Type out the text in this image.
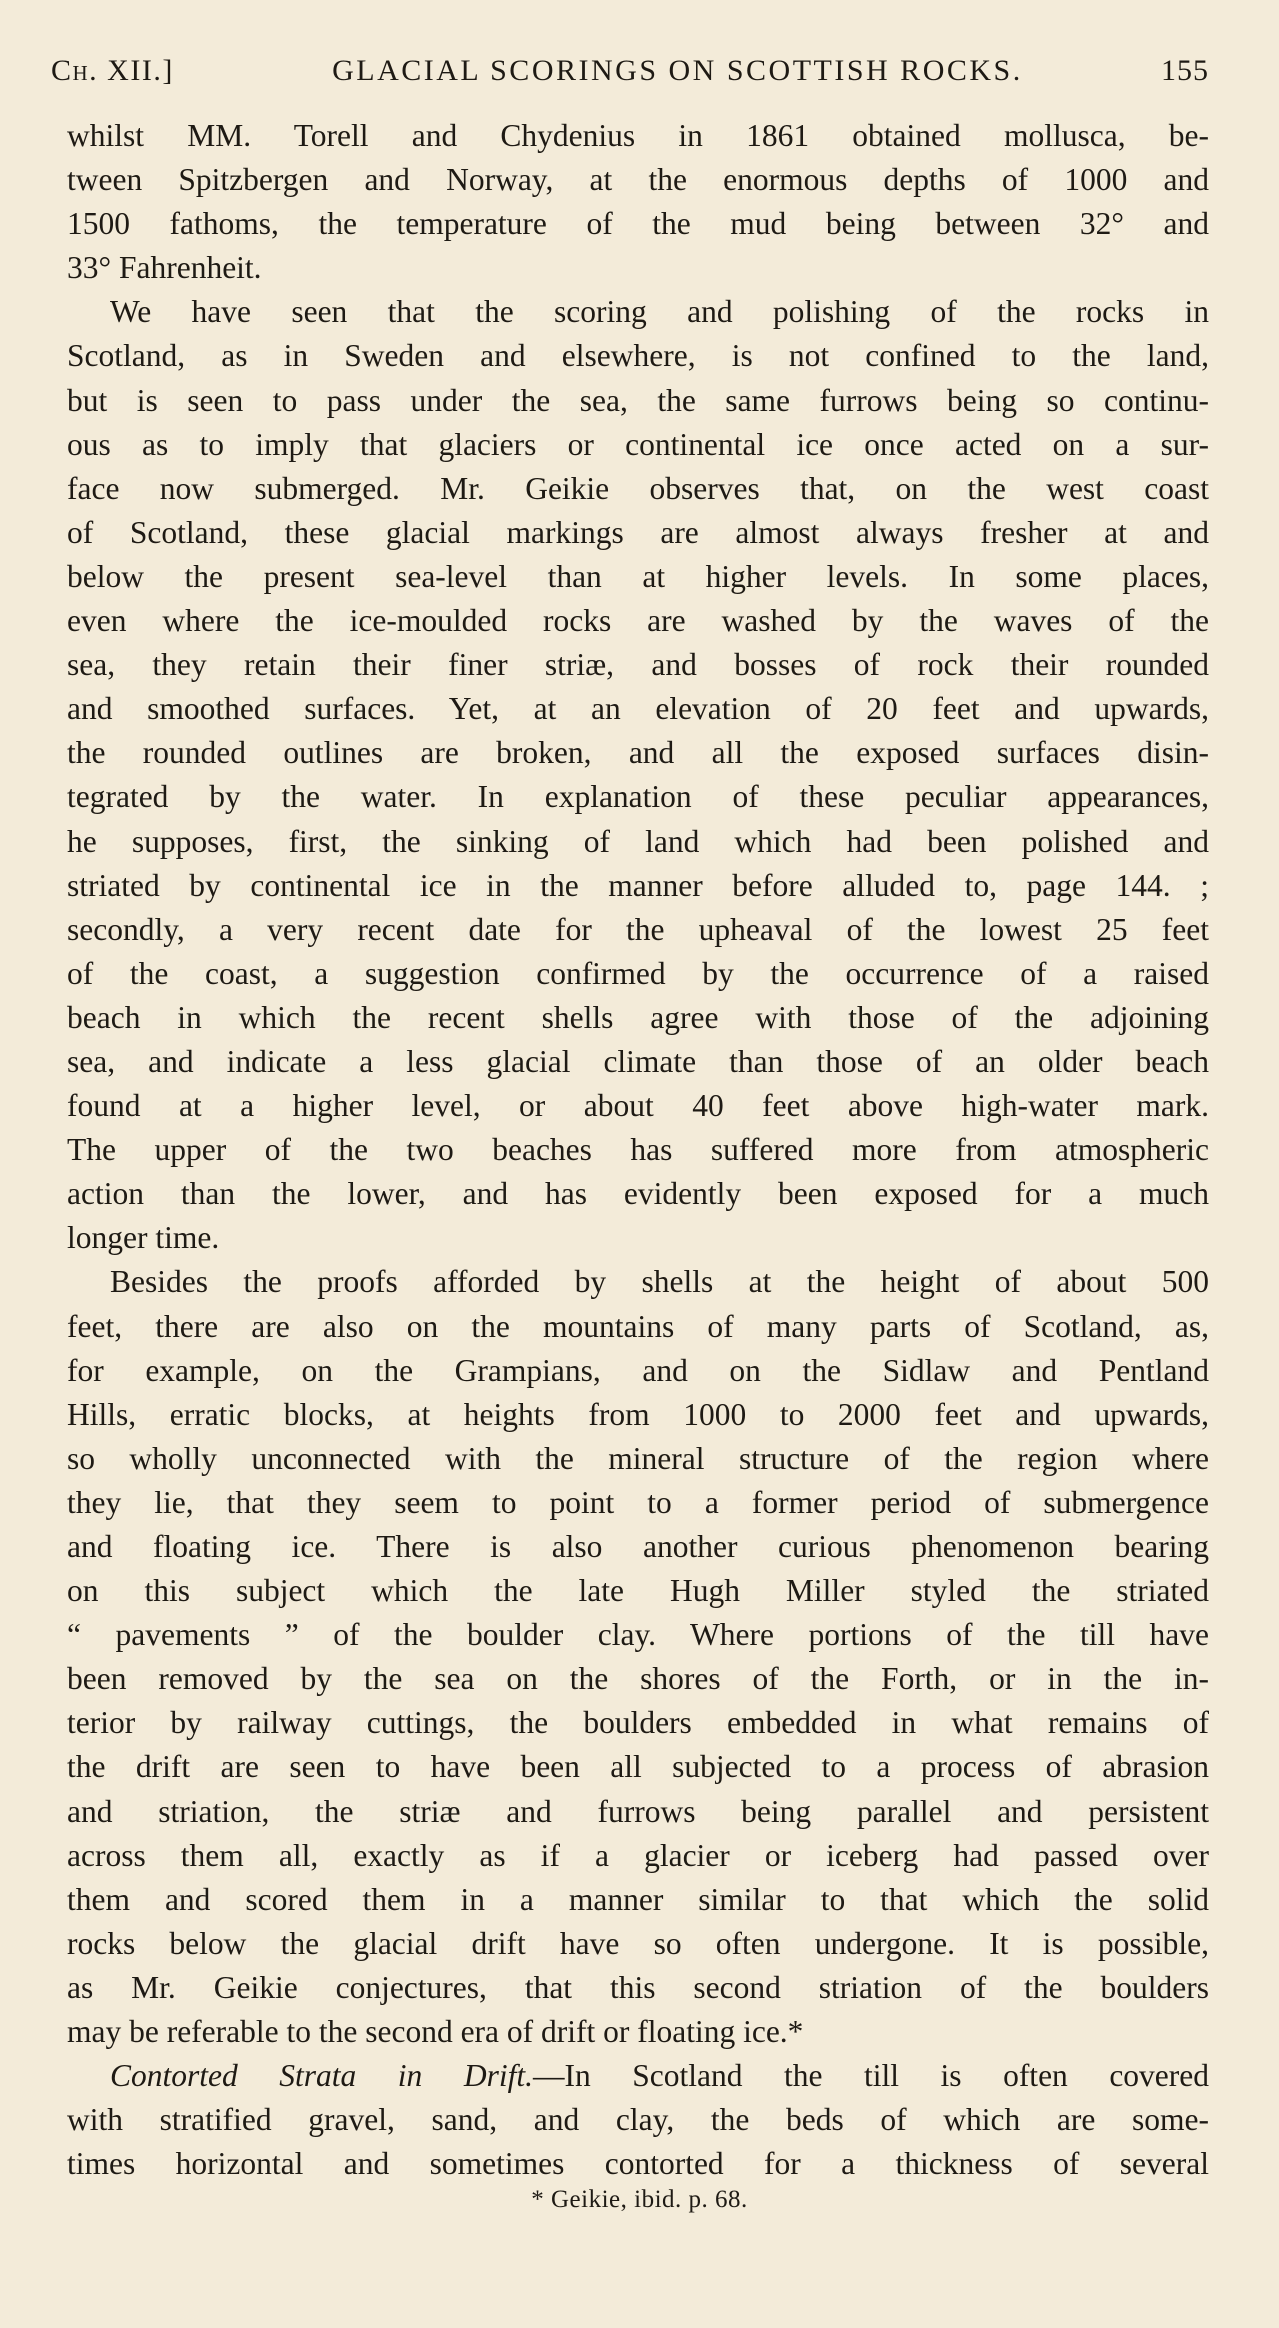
Ch. XII.]	GLACIAL SCORINGS ON SCOTTISH ROCKS.	155
whilst MM. Torell and Chydenius in 1861 obtained mollusca, be-
tween Spitzbergen and Norway, at the enormous depths of 1000 and
1500 fathoms, the temperature of the mud being between 32° and
33° Fahrenheit.
We have seen that the scoring and polishing of the rocks in
Scotland, as in Sweden and elsewhere, is not confined to the land,
but is seen to pass under the sea, the same furrows being so continu-
ous as to imply that glaciers or continental ice once acted on a sur-
face now submerged. Mr. Geikie observes that, on the west coast
of Scotland, these glacial markings are almost always fresher at and
below the present sea-level than at higher levels. In some places,
even where the ice-moulded rocks are washed by the waves of the
sea, they retain their finer striæ, and bosses of rock their rounded
and smoothed surfaces. Yet, at an elevation of 20 feet and upwards,
the rounded outlines are broken, and all the exposed surfaces disin-
tegrated by the water. In explanation of these peculiar appearances,
he supposes, first, the sinking of land which had been polished and
striated by continental ice in the manner before alluded to, page 144. ;
secondly, a very recent date for the upheaval of the lowest 25 feet
of the coast, a suggestion confirmed by the occurrence of a raised
beach in which the recent shells agree with those of the adjoining
sea, and indicate a less glacial climate than those of an older beach
found at a higher level, or about 40 feet above high-water mark.
The upper of the two beaches has suffered more from atmospheric
action than the lower, and has evidently been exposed for a much
longer time.
Besides the proofs afforded by shells at the height of about 500
feet, there are also on the mountains of many parts of Scotland, as,
for example, on the Grampians, and on the Sidlaw and Pentland
Hills, erratic blocks, at heights from 1000 to 2000 feet and upwards,
so wholly unconnected with the mineral structure of the region where
they lie, that they seem to point to a former period of submergence
and floating ice. There is also another curious phenomenon bearing
on this subject which the late Hugh Miller styled the striated
“ pavements ” of the boulder clay. Where portions of the till have
been removed by the sea on the shores of the Forth, or in the in-
terior by railway cuttings, the boulders embedded in what remains of
the drift are seen to have been all subjected to a process of abrasion
and striation, the striæ and furrows being parallel and persistent
across them all, exactly as if a glacier or iceberg had passed over
them and scored them in a manner similar to that which the solid
rocks below the glacial drift have so often undergone. It is possible,
as Mr. Geikie conjectures, that this second striation of the boulders
may be referable to the second era of drift or floating ice.*
Contorted Strata in Drift.—In Scotland the till is often covered
with stratified gravel, sand, and clay, the beds of which are some-
times horizontal and sometimes contorted for a thickness of several
* Geikie, ibid. p. 68.
